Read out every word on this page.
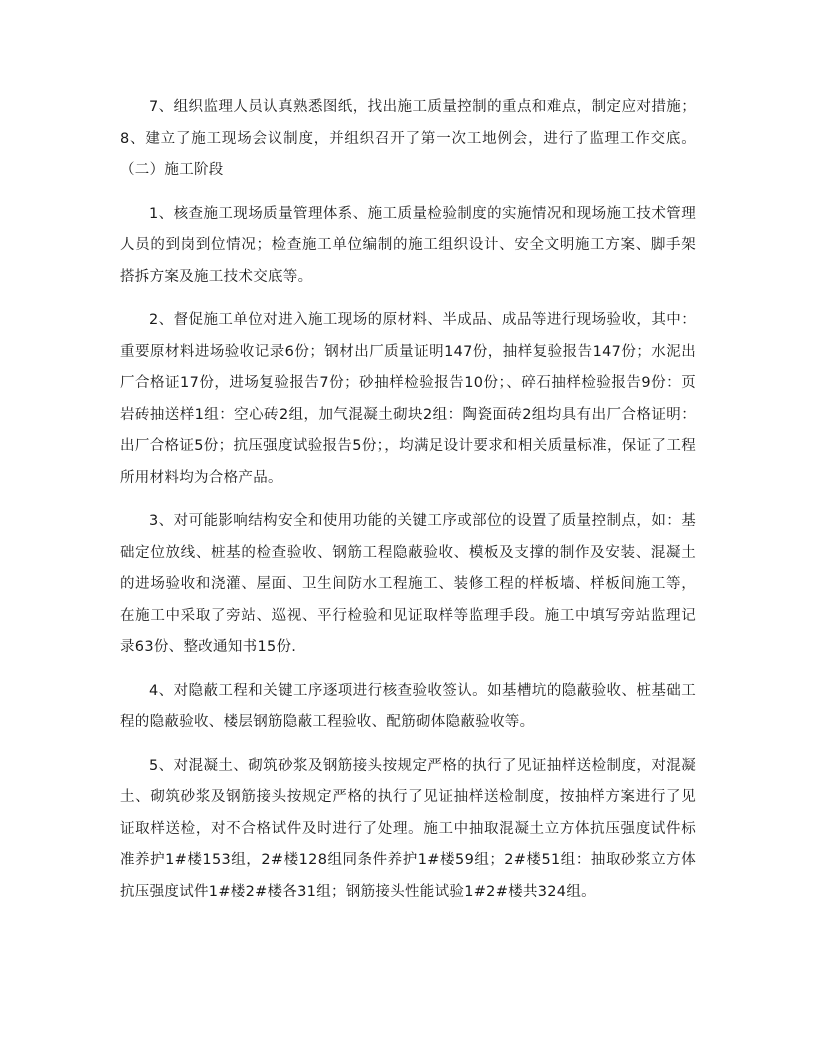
7、组织监理人员认真熟悉图纸，找出施工质量控制的重点和难点，制定应对措施；8、建立了施工现场会议制度，并组织召开了第一次工地例会，进行了监理工作交底。（二）施工阶段

1、核查施工现场质量管理体系、施工质量检验制度的实施情况和现场施工技术管理人员的到岗到位情况；检查施工单位编制的施工组织设计、安全文明施工方案、脚手架搭拆方案及施工技术交底等。

2、督促施工单位对进入施工现场的原材料、半成品、成品等进行现场验收，其中：重要原材料进场验收记录6份；钢材出厂质量证明147份，抽样复验报告147份；水泥出厂合格证17份，进场复验报告7份；砂抽样检验报告10份；、碎石抽样检验报告9份：页岩砖抽送样1组：空心砖2组，加气混凝土砌块2组：陶瓷面砖2组均具有出厂合格证明：出厂合格证5份；抗压强度试验报告5份；，均满足设计要求和相关质量标准，保证了工程所用材料均为合格产品。

3、对可能影响结构安全和使用功能的关键工序或部位的设置了质量控制点，如：基础定位放线、桩基的检查验收、钢筋工程隐蔽验收、模板及支撑的制作及安装、混凝土的进场验收和浇灌、屋面、卫生间防水工程施工、装修工程的样板墙、样板间施工等，在施工中采取了旁站、巡视、平行检验和见证取样等监理手段。施工中填写旁站监理记录63份、整改通知书15份.

4、对隐蔽工程和关键工序逐项进行核查验收签认。如基槽坑的隐蔽验收、桩基础工程的隐蔽验收、楼层钢筋隐蔽工程验收、配筋砌体隐蔽验收等。

5、对混凝土、砌筑砂浆及钢筋接头按规定严格的执行了见证抽样送检制度，对混凝土、砌筑砂浆及钢筋接头按规定严格的执行了见证抽样送检制度，按抽样方案进行了见证取样送检，对不合格试件及时进行了处理。施工中抽取混凝土立方体抗压强度试件标准养护1#楼153组，2#楼128组同条件养护1#楼59组；2#楼51组：抽取砂浆立方体抗压强度试件1#楼2#楼各31组；钢筋接头性能试验1#2#楼共324组。
